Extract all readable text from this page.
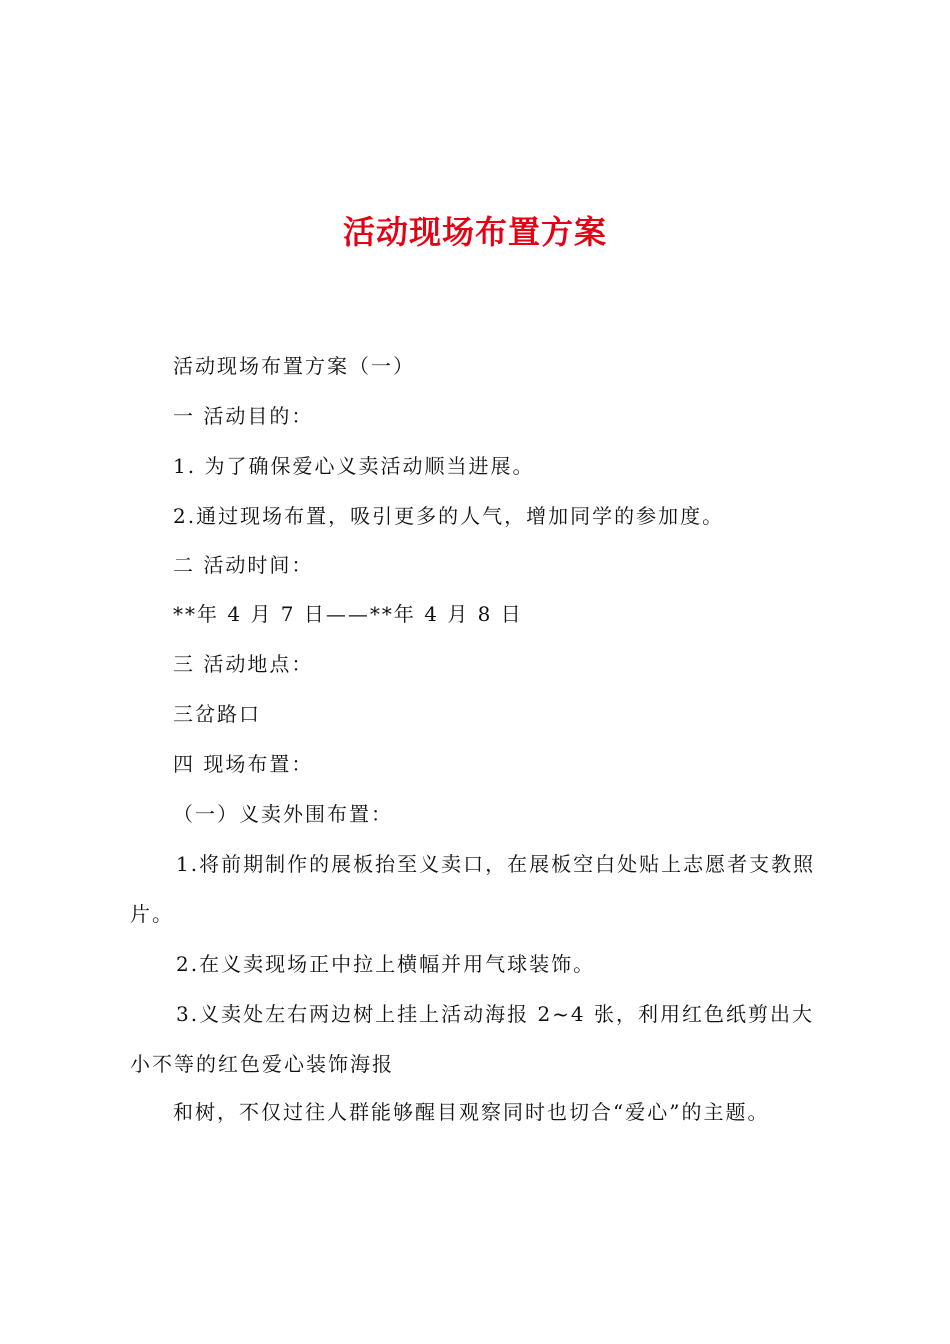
活动现场布置方案
活动现场布置方案（一）
一 活动目的：
1. 为了确保爱心义卖活动顺当进展。
2.通过现场布置，吸引更多的人气，增加同学的参加度。
二 活动时间：
**年 4 月 7 日——**年 4 月 8 日
三 活动地点：
三岔路口
四 现场布置：
（一）义卖外围布置：
1.将前期制作的展板抬至义卖口，在展板空白处贴上志愿者支教照片。
2.在义卖现场正中拉上横幅并用气球装饰。
3.义卖处左右两边树上挂上活动海报 2~4 张，利用红色纸剪出大小不等的红色爱心装饰海报
和树，不仅过往人群能够醒目观察同时也切合“爱心”的主题。
